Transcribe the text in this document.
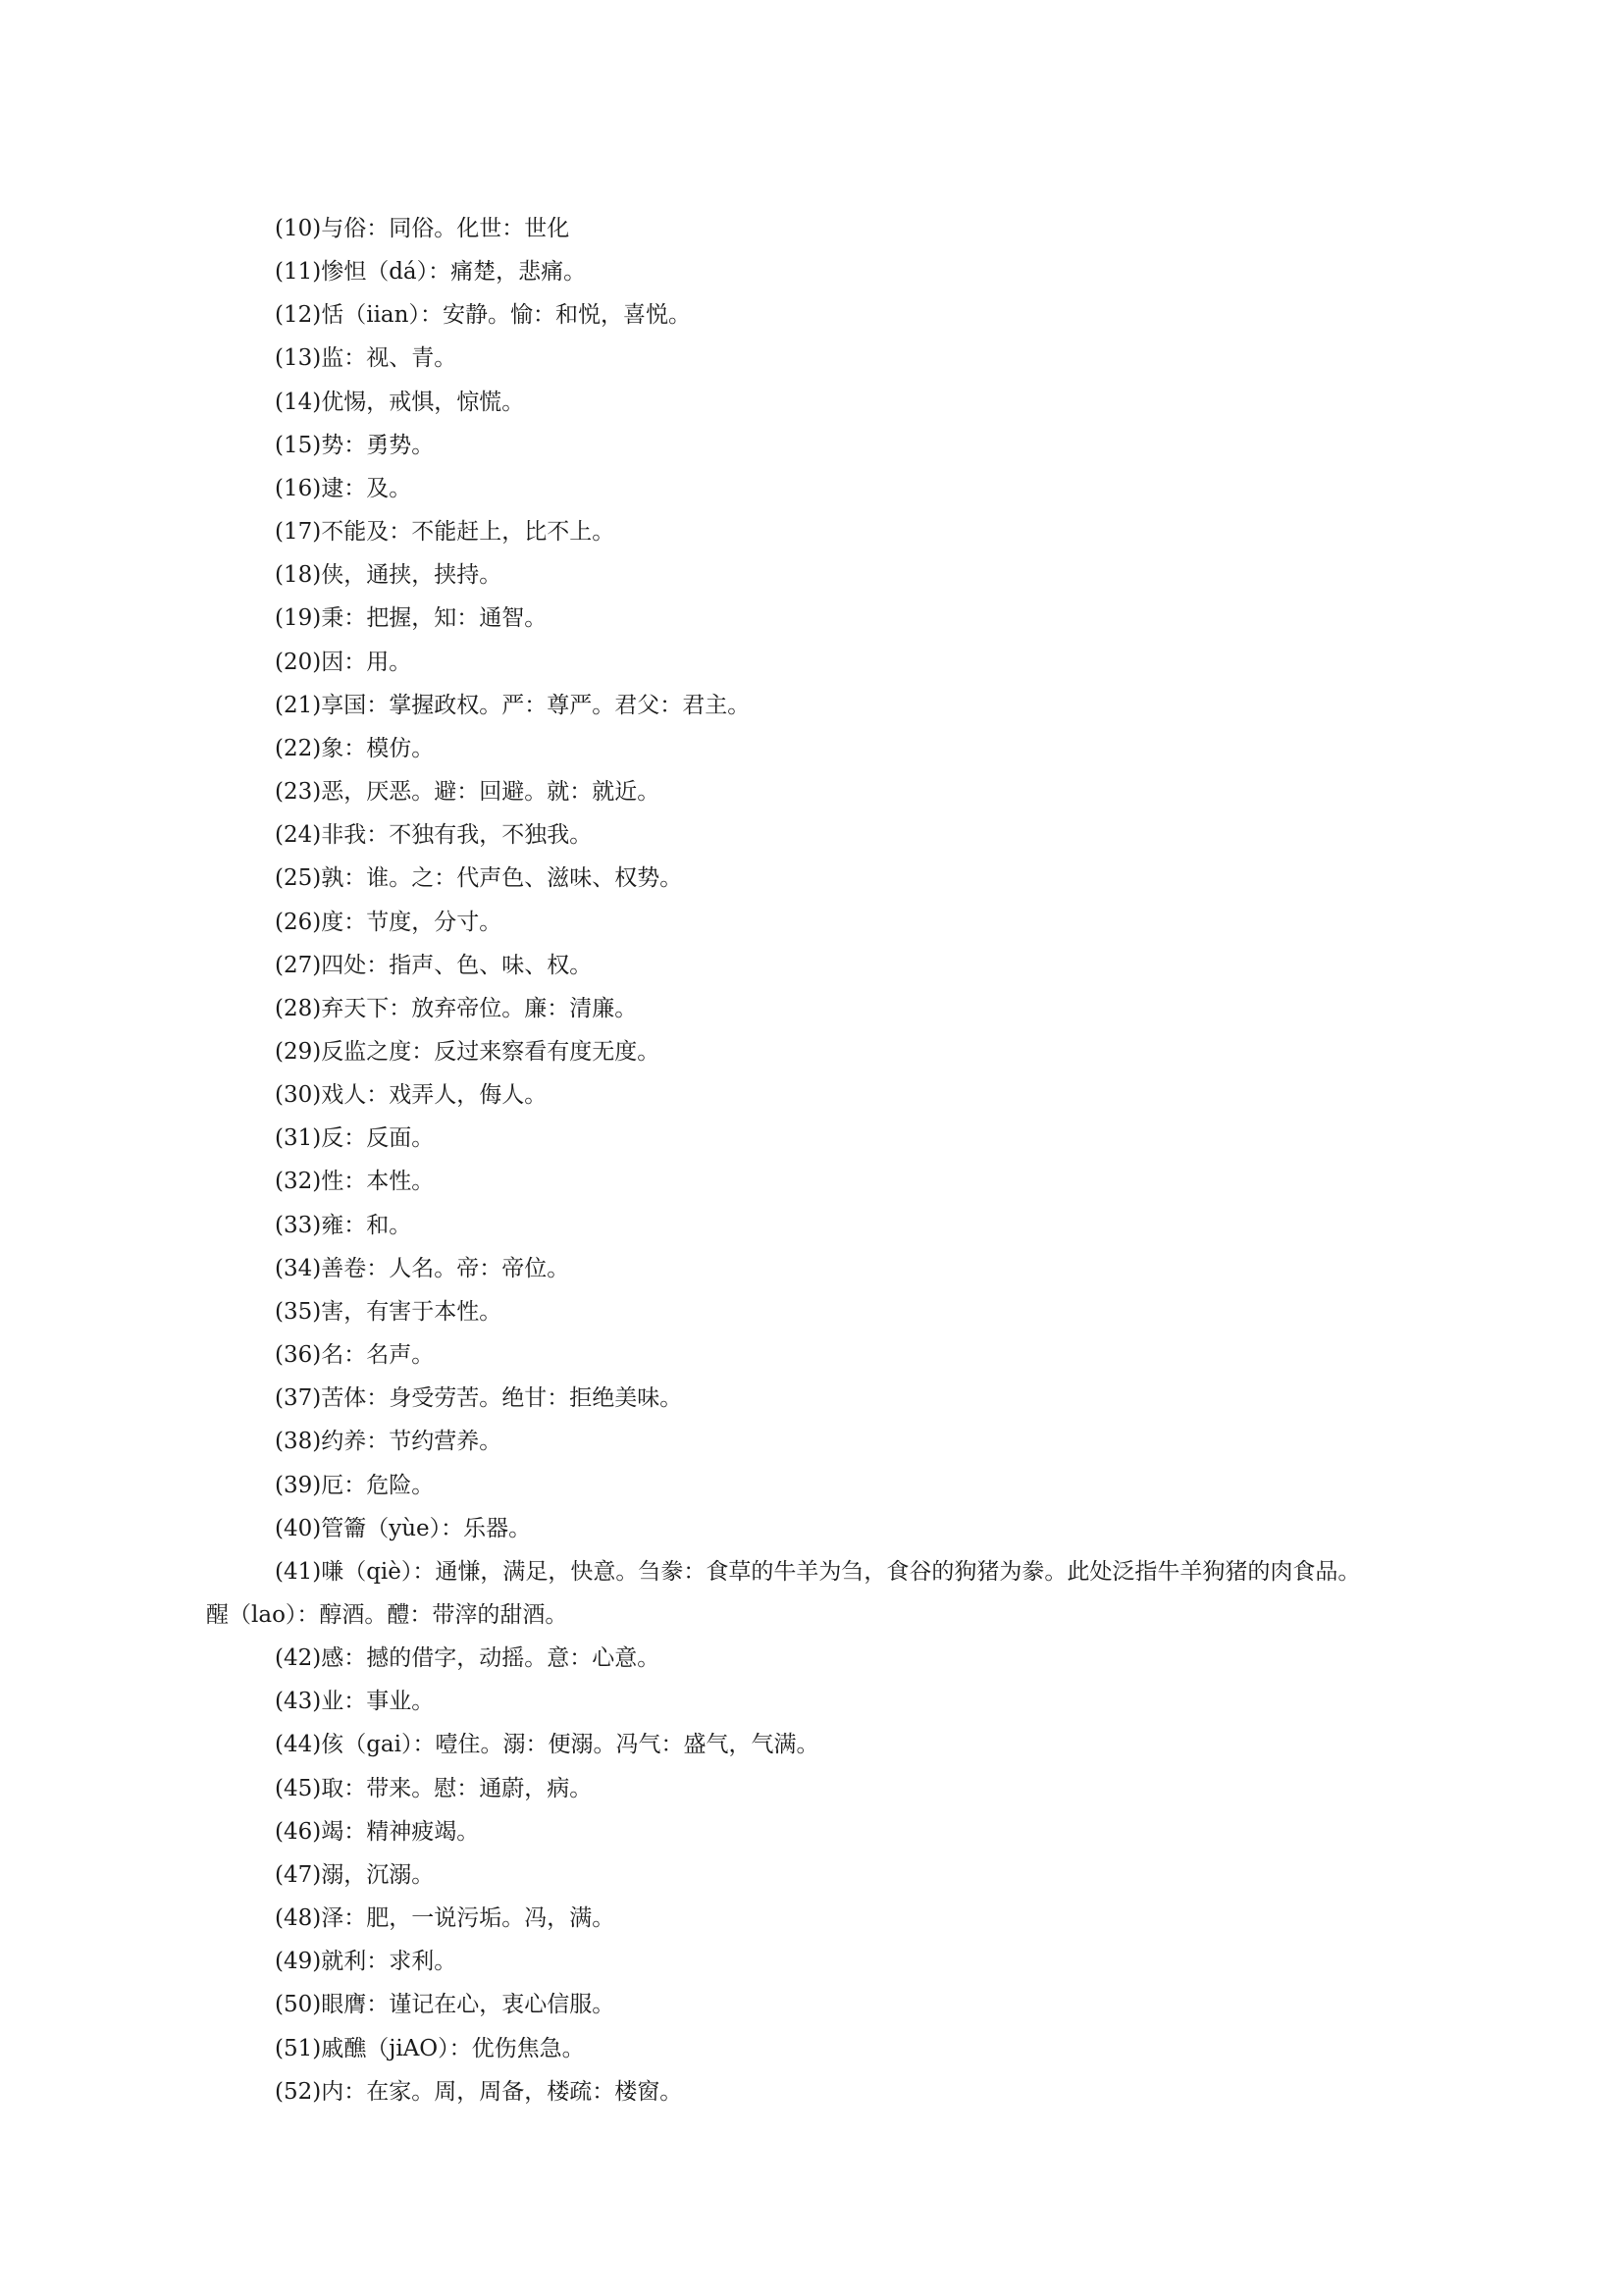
(10)与俗：同俗。化世：世化
(11)惨怛（dá）：痛楚，悲痛。
(12)恬（iian）：安静。愉：和悦，喜悦。
(13)监：视、青。
(14)优惕，戒惧，惊慌。
(15)势：勇势。
(16)逮：及。
(17)不能及：不能赶上，比不上。
(18)侠，通挟，挟持。
(19)秉：把握，知：通智。
(20)因：用。
(21)享国：掌握政权。严：尊严。君父：君主。
(22)象：模仿。
(23)恶，厌恶。避：回避。就：就近。
(24)非我：不独有我，不独我。
(25)孰：谁。之：代声色、滋味、权势。
(26)度：节度，分寸。
(27)四处：指声、色、味、权。
(28)弃天下：放弃帝位。廉：清廉。
(29)反监之度：反过来察看有度无度。
(30)戏人：戏弄人，侮人。
(31)反：反面。
(32)性：本性。
(33)雍：和。
(34)善卷：人名。帝：帝位。
(35)害，有害于本性。
(36)名：名声。
(37)苦体：身受劳苦。绝甘：拒绝美味。
(38)约养：节约营养。
(39)厄：危险。
(40)管籥（yùe）：乐器。
(41)嗛（qiè）：通慊，满足，快意。刍豢：食草的牛羊为刍，食谷的狗猪为豢。此处泛指牛羊狗猪的肉食品。醒（lao）：醇酒。醴：带滓的甜酒。
(42)感：撼的借字，动摇。意：心意。
(43)业：事业。
(44)侅（gai）：噎住。溺：便溺。冯气：盛气，气满。
(45)取：带来。慰：通蔚，病。
(46)竭：精神疲竭。
(47)溺，沉溺。
(48)泽：肥，一说污垢。冯，满。
(49)就利：求利。
(50)眼膺：谨记在心，衷心信服。
(51)戚醮（jiAO）：优伤焦急。
(52)内：在家。周，周备，楼疏：楼窗。
